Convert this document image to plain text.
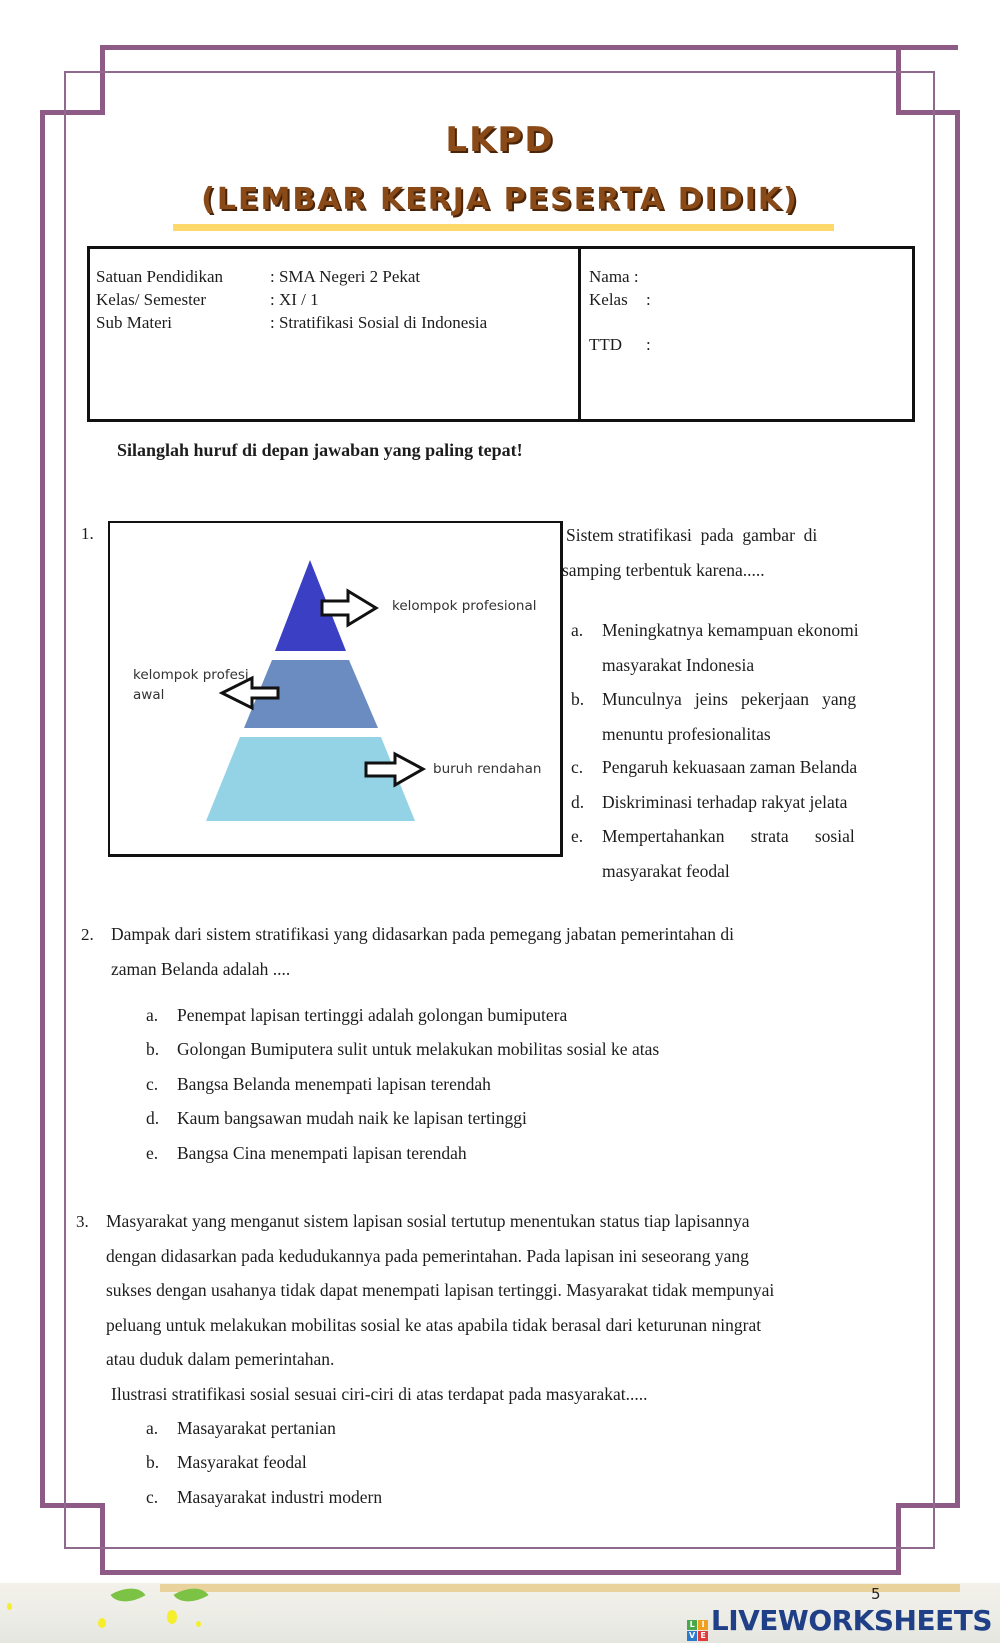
LKPD
(LEMBAR KERJA PESERTA DIDIK)
Satuan Pendidikan	: SMA Negeri 2 Pekat
Kelas/ Semester	: XI / 1
Sub Materi	: Stratifikasi Sosial di Indonesia
Nama :
Kelas :
TTD :
Silanglah huruf di depan jawaban yang paling tepat!
1.
kelompok profesional
kelompok profesi
awal
buruh rendahan
Sistem stratifikasi  pada  gambar  di
samping terbentuk karena.....
a. Meningkatnya kemampuan ekonomi
masyarakat Indonesia
b. Munculnya   jeins   pekerjaan   yang
menuntu profesionalitas
c. Pengaruh kekuasaan zaman Belanda
d. Diskriminasi terhadap rakyat jelata
e. Mempertahankan      strata      sosial
masyarakat feodal
2. Dampak dari sistem stratifikasi yang didasarkan pada pemegang jabatan pemerintahan di
zaman Belanda adalah ....
a. Penempat lapisan tertinggi adalah golongan bumiputera
b. Golongan Bumiputera sulit untuk melakukan mobilitas sosial ke atas
c. Bangsa Belanda menempati lapisan terendah
d. Kaum bangsawan mudah naik ke lapisan tertinggi
e. Bangsa Cina menempati lapisan terendah
3. Masyarakat yang menganut sistem lapisan sosial tertutup menentukan status tiap lapisannya
dengan didasarkan pada kedudukannya pada pemerintahan. Pada lapisan ini seseorang yang
sukses dengan usahanya tidak dapat menempati lapisan tertinggi. Masyarakat tidak mempunyai
peluang untuk melakukan mobilitas sosial ke atas apabila tidak berasal dari keturunan ningrat
atau duduk dalam pemerintahan.
Ilustrasi stratifikasi sosial sesuai ciri-ciri di atas terdapat pada masyarakat.....
a. Masayarakat pertanian
b. Masyarakat feodal
c. Masayarakat industri modern
5
L I
V E LIVEWORKSHEETS
